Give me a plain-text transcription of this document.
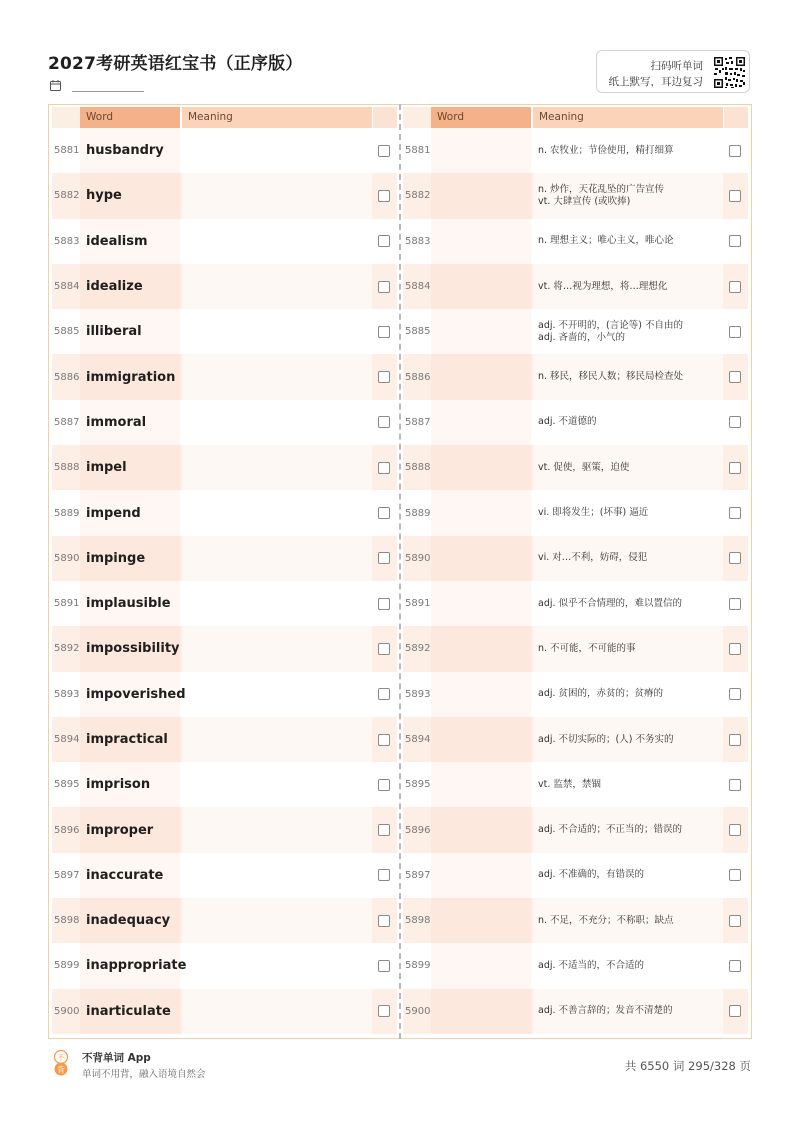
2027考研英语红宝书（正序版）	扫码听单词
纸上默写，耳边复习
Word	Meaning
5881 husbandry
5882 hype
5883 idealism
5884 idealize
5885 illiberal
5886 immigration
5887 immoral
5888 impel
5889 impend
5890 impinge
5891 implausible
5892 impossibility
5893 impoverished
5894 impractical
5895 imprison
5896 improper
5897 inaccurate
5898 inadequacy
5899 inappropriate
5900 inarticulate
Word	Meaning
5881	n. 农牧业；节俭使用，精打细算
5882
n. 炒作，天花乱坠的广告宣传
vt. 大肆宣传 (或吹捧)
5883	n. 理想主义；唯心主义，唯心论
5884	vt. 将…视为理想，将…理想化
5885
adj. 不开明的，(言论等) 不自由的
adj. 吝啬的，小气的
5886	n. 移民，移民人数；移民局检查处
5887	adj. 不道德的
5888	vt. 促使，驱策，迫使
5889	vi. 即将发生；(坏事) 逼近
5890	vi. 对…不利，妨碍，侵犯
5891	adj. 似乎不合情理的，难以置信的
5892	n. 不可能，不可能的事
5893	adj. 贫困的，赤贫的；贫瘠的
5894	adj. 不切实际的；(人) 不务实的
5895	vt. 监禁，禁锢
5896	adj. 不合适的；不正当的；错误的
5897	adj. 不准确的，有错误的
5898	n. 不足，不充分；不称职；缺点
5899	adj. 不适当的，不合适的
5900	adj. 不善言辞的；发音不清楚的
不
背
不背单词 App
单词不用背，融入语境自然会
共 6550 词 295/328 页
